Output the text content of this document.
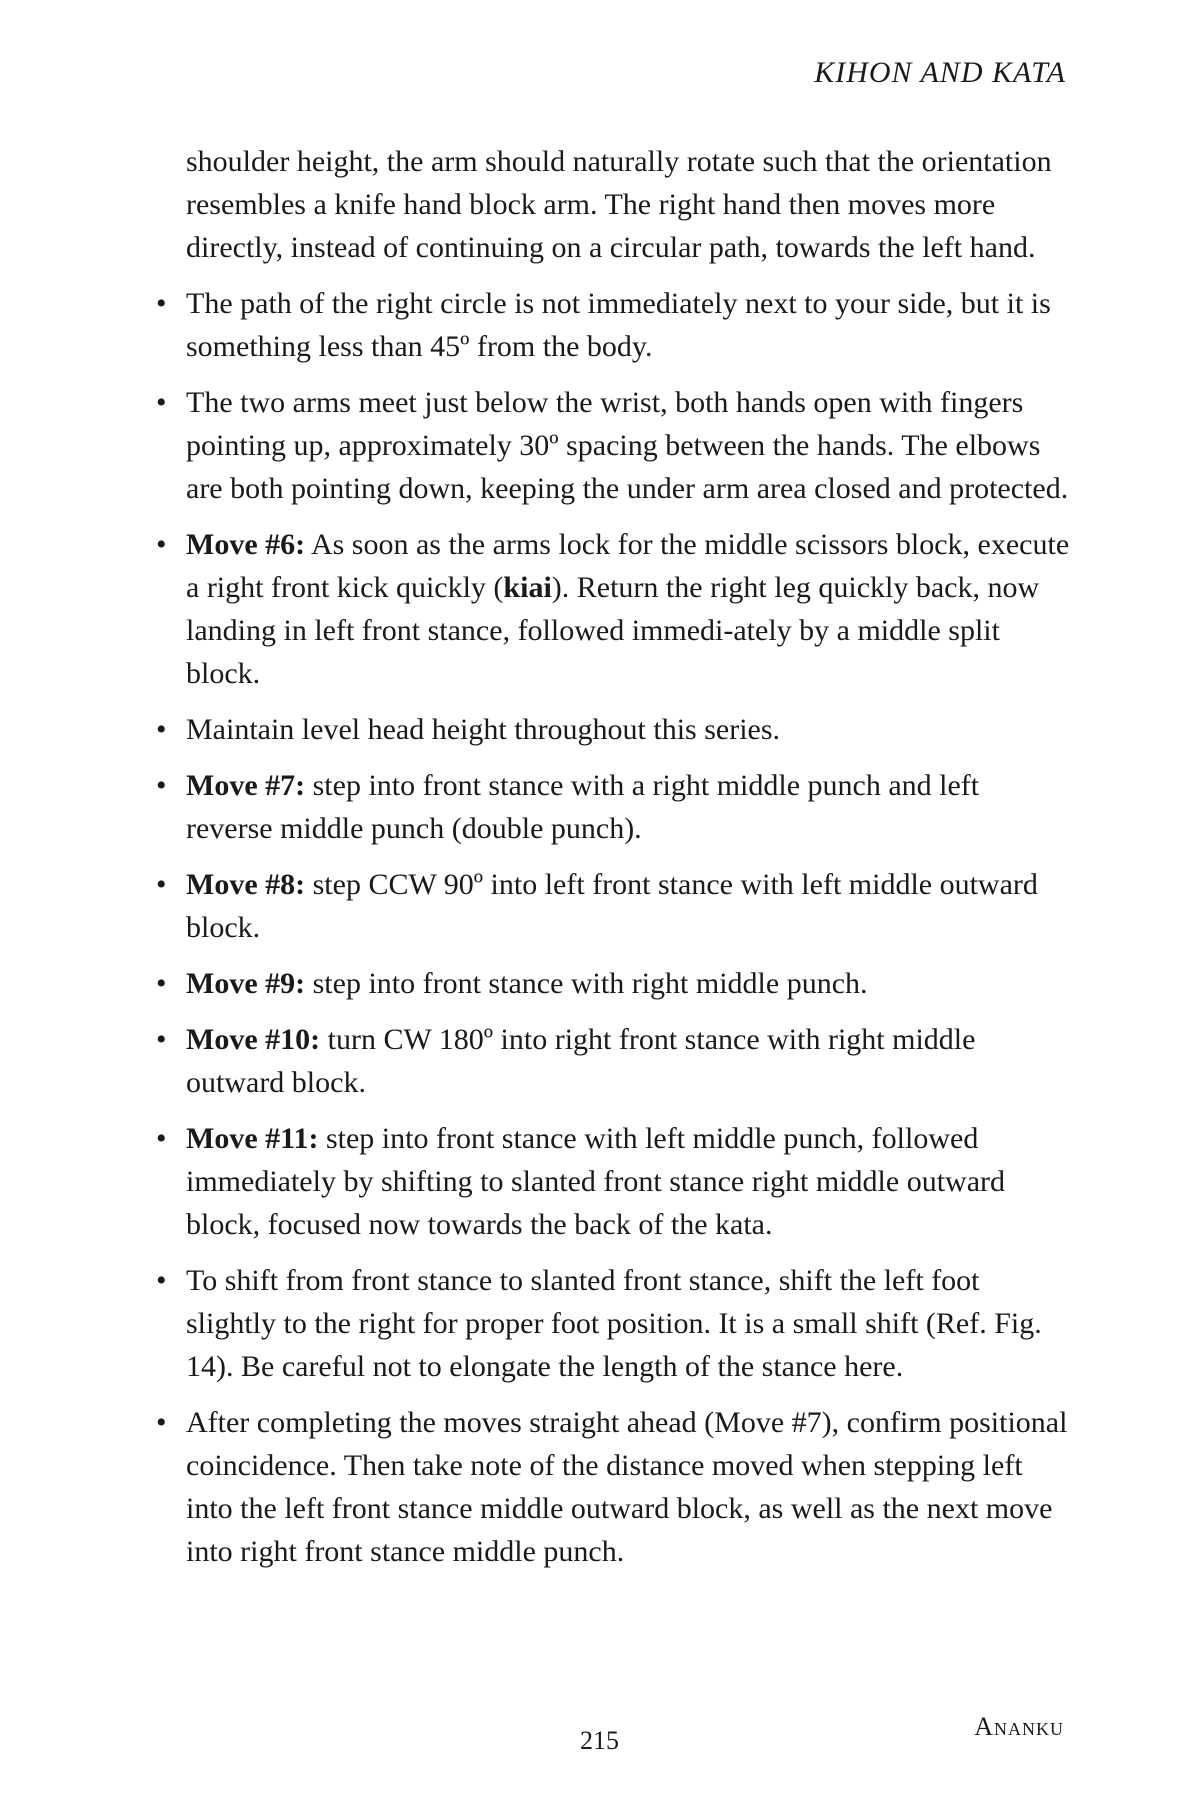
KIHON AND KATA

shoulder height, the arm should naturally rotate such that the orientation resembles a knife hand block arm. The right hand then moves more directly, instead of continuing on a circular path, towards the left hand.

• The path of the right circle is not immediately next to your side, but it is something less than 45º from the body.

• The two arms meet just below the wrist, both hands open with fingers pointing up, approximately 30º spacing between the hands. The elbows are both pointing down, keeping the under arm area closed and protected.

• Move #6: As soon as the arms lock for the middle scissors block, execute a right front kick quickly (kiai). Return the right leg quickly back, now landing in left front stance, followed immedi-ately by a middle split block.

• Maintain level head height throughout this series.

• Move #7: step into front stance with a right middle punch and left reverse middle punch (double punch).

• Move #8: step CCW 90º into left front stance with left middle outward block.

• Move #9: step into front stance with right middle punch.

• Move #10: turn CW 180º into right front stance with right middle outward block.

• Move #11: step into front stance with left middle punch, followed immediately by shifting to slanted front stance right middle outward block, focused now towards the back of the kata.

• To shift from front stance to slanted front stance, shift the left foot slightly to the right for proper foot position. It is a small shift (Ref. Fig. 14). Be careful not to elongate the length of the stance here.

• After completing the moves straight ahead (Move #7), confirm positional coincidence. Then take note of the distance moved when stepping left into the left front stance middle outward block, as well as the next move into right front stance middle punch.

215	Ananku
